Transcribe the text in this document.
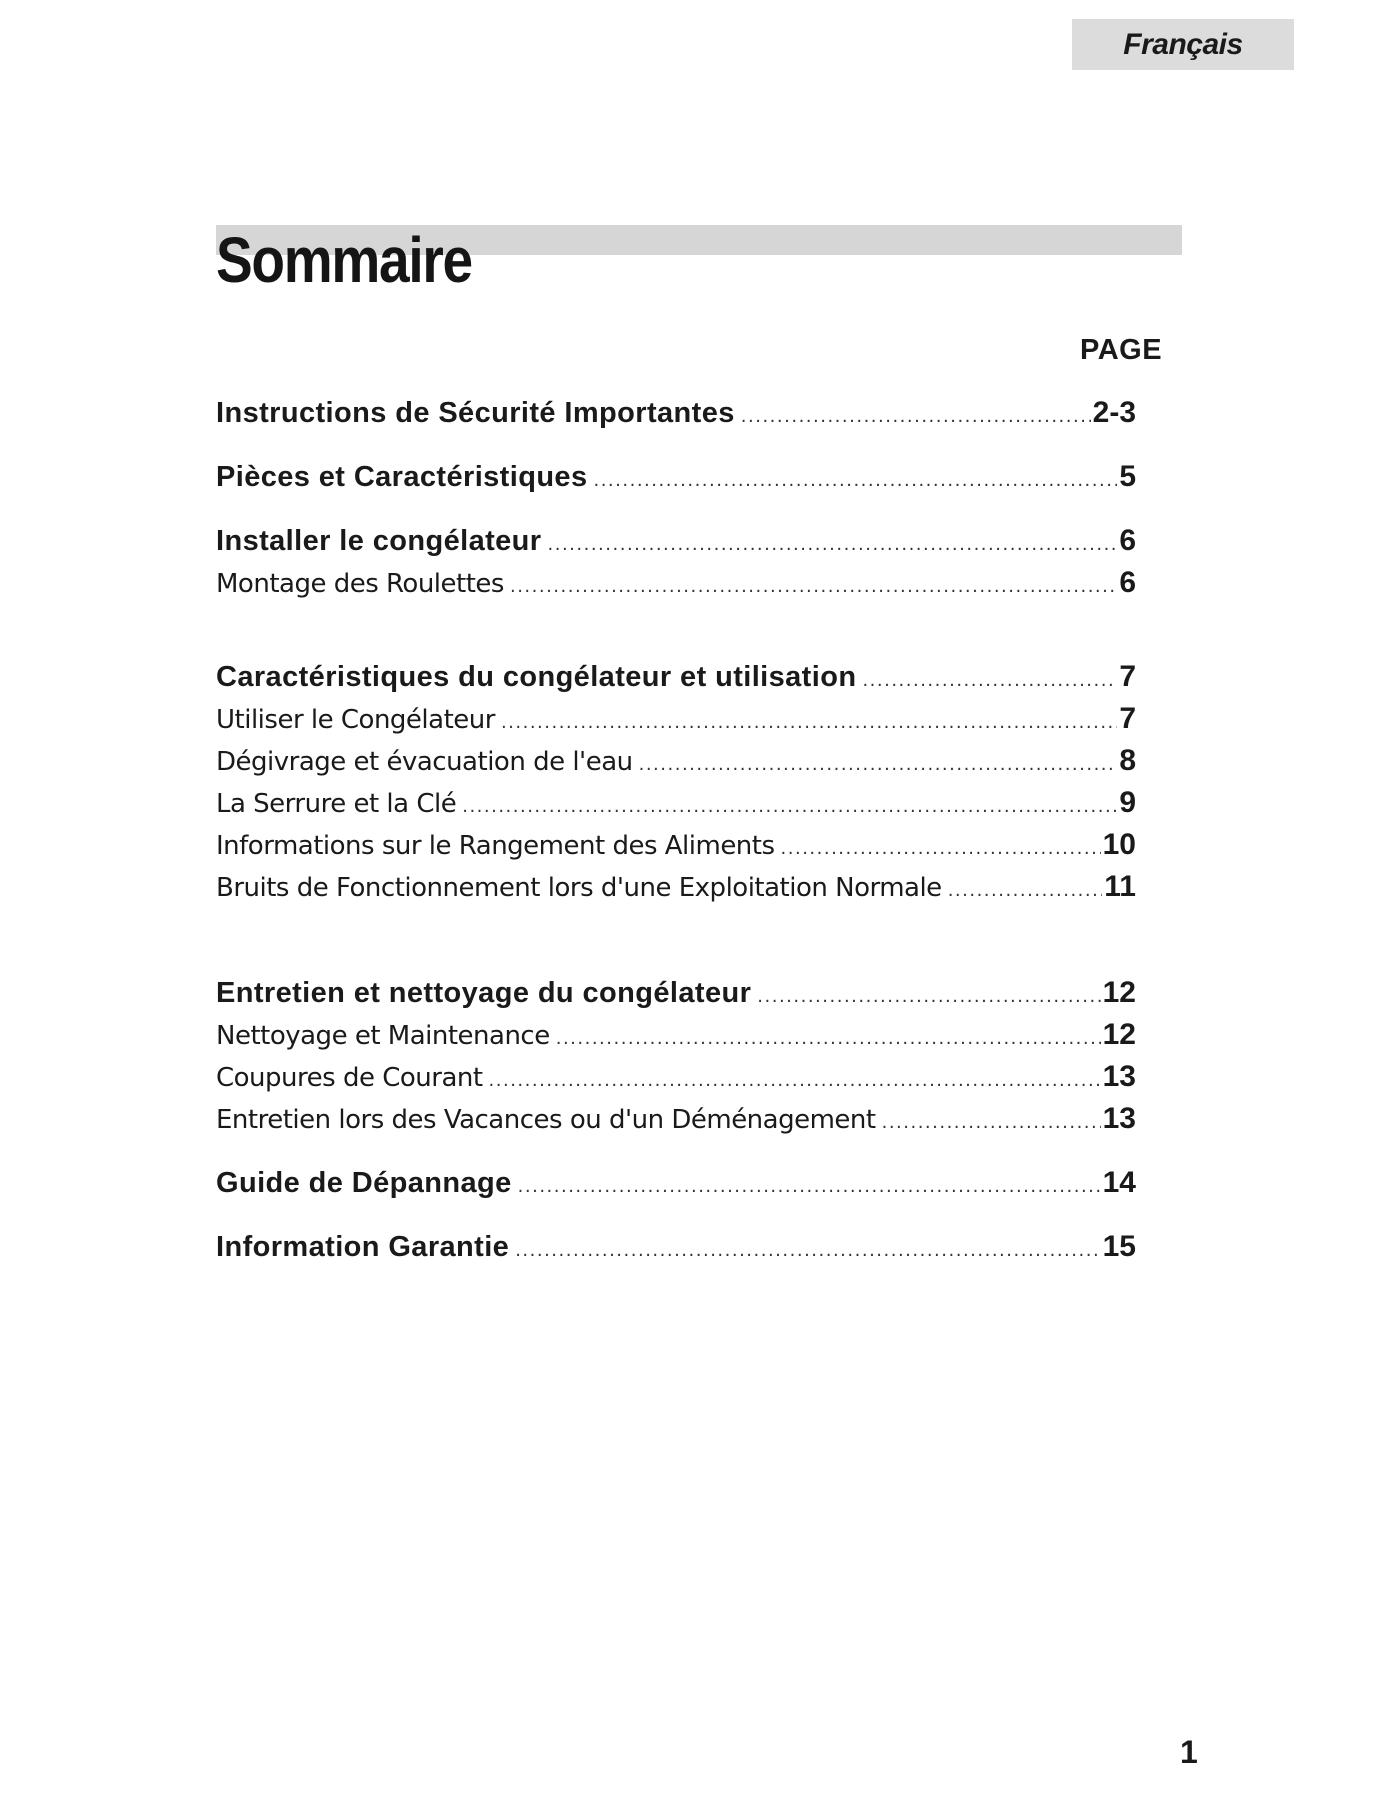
Français
Sommaire
PAGE
Instructions de Sécurité Importantes .....	2-3
Pièces et Caractéristiques .....	5
Installer le congélateur .....	6
Montage des Roulettes .....	6
Caractéristiques du congélateur et utilisation .....	7
Utiliser le Congélateur .....	7
Dégivrage et évacuation de l'eau .....	8
La Serrure et la Clé .....	9
Informations sur le Rangement des Aliments .....	10
Bruits de Fonctionnement lors d'une Exploitation Normale .....	11
Entretien et nettoyage du congélateur .....	12
Nettoyage et Maintenance .....	12
Coupures de Courant .....	13
Entretien lors des Vacances ou d'un Déménagement .....	13
Guide de Dépannage .....	14
Information Garantie .....	15
1
